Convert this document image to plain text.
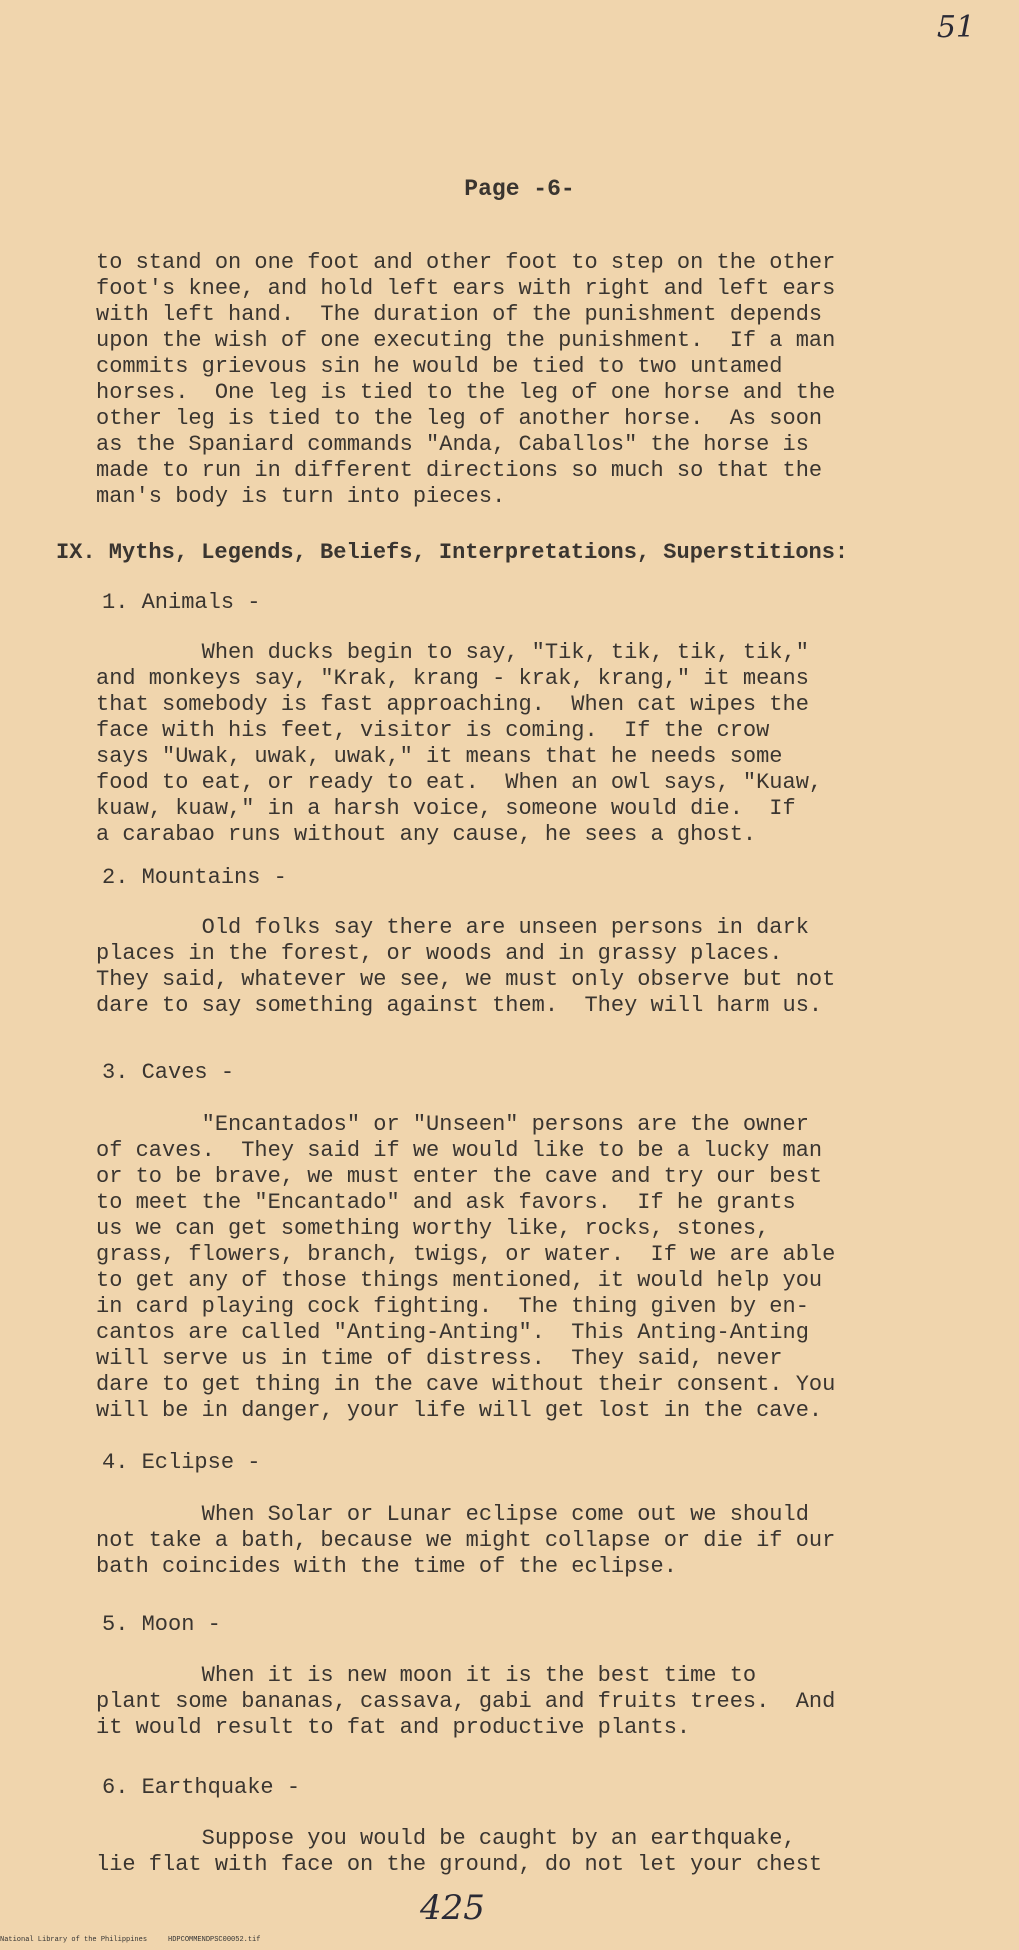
51
Page -6-
to stand on one foot and other foot to step on the other
foot's knee, and hold left ears with right and left ears
with left hand.  The duration of the punishment depends
upon the wish of one executing the punishment.  If a man
commits grievous sin he would be tied to two untamed
horses.  One leg is tied to the leg of one horse and the
other leg is tied to the leg of another horse.  As soon
as the Spaniard commands "Anda, Caballos" the horse is
made to run in different directions so much so that the
man's body is turn into pieces.
IX. Myths, Legends, Beliefs, Interpretations, Superstitions:
1. Animals -
When ducks begin to say, "Tik, tik, tik, tik,"
and monkeys say, "Krak, krang - krak, krang," it means
that somebody is fast approaching.  When cat wipes the
face with his feet, visitor is coming.  If the crow
says "Uwak, uwak, uwak," it means that he needs some
food to eat, or ready to eat.  When an owl says, "Kuaw,
kuaw, kuaw," in a harsh voice, someone would die.  If
a carabao runs without any cause, he sees a ghost.
2. Mountains -
Old folks say there are unseen persons in dark
places in the forest, or woods and in grassy places.
They said, whatever we see, we must only observe but not
dare to say something against them.  They will harm us.
3. Caves -
"Encantados" or "Unseen" persons are the owner
of caves.  They said if we would like to be a lucky man
or to be brave, we must enter the cave and try our best
to meet the "Encantado" and ask favors.  If he grants
us we can get something worthy like, rocks, stones,
grass, flowers, branch, twigs, or water.  If we are able
to get any of those things mentioned, it would help you
in card playing cock fighting.  The thing given by en-
cantos are called "Anting-Anting".  This Anting-Anting
will serve us in time of distress.  They said, never
dare to get thing in the cave without their consent. You
will be in danger, your life will get lost in the cave.
4. Eclipse -
When Solar or Lunar eclipse come out we should
not take a bath, because we might collapse or die if our
bath coincides with the time of the eclipse.
5. Moon -
When it is new moon it is the best time to
plant some bananas, cassava, gabi and fruits trees.  And
it would result to fat and productive plants.
6. Earthquake -
Suppose you would be caught by an earthquake,
lie flat with face on the ground, do not let your chest
425
National Library of the Philippines     HDPCOMMENDPSC00052.tif
